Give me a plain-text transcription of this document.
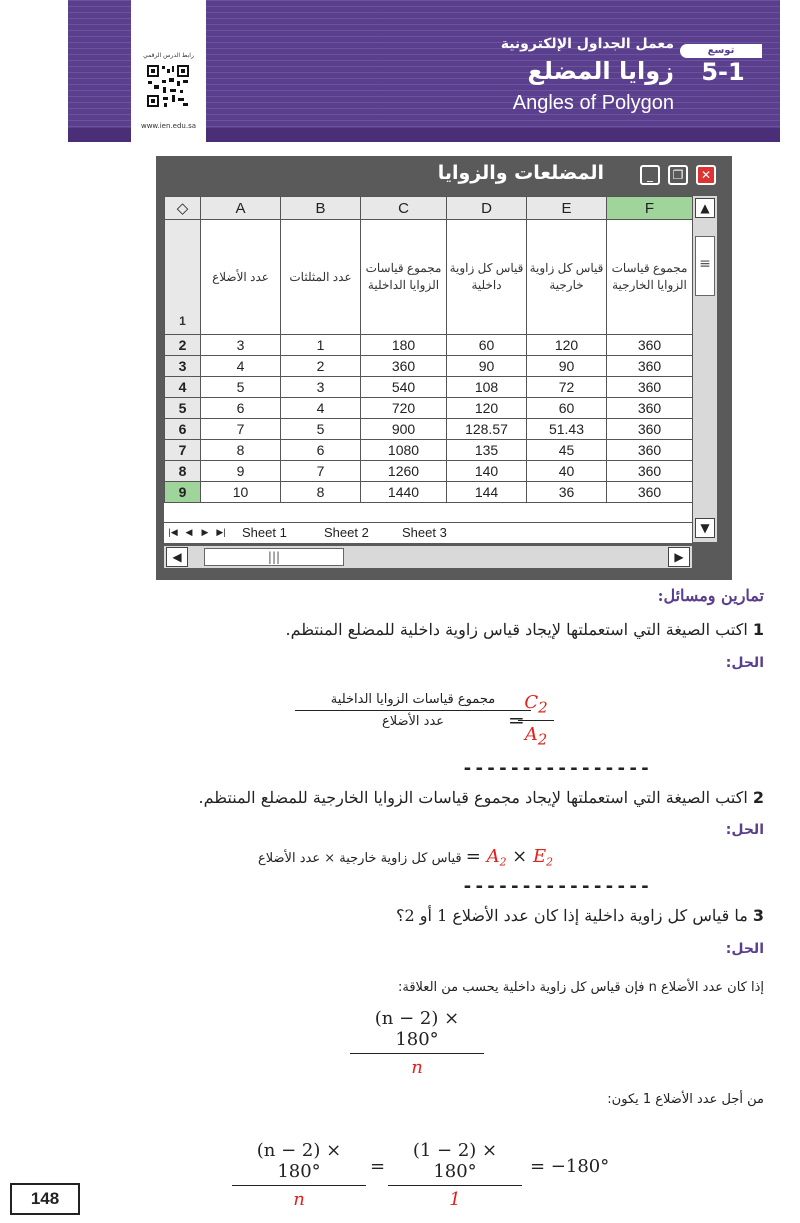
رابط الدرس الرقمي
www.ien.edu.sa
توسع
5-1
معمل الجداول الإلكترونية
زوايا المضلع
Angles of Polygon
المضلعات والزوايا	✕
❐
_
◇	A	B	C	D	E	F
1	عدد الأضلاع	عدد المثلثات	مجموع قياسات الزوايا الداخلية	قياس كل زاوية داخلية	قياس كل زاوية خارجية	مجموع قياسات الزوايا الخارجية
2	3	1	180	60	120	360
3	4	2	360	90	90	360
4	5	3	540	108	72	360
5	6	4	720	120	60	360
6	7	5	900	128.57	51.43	360
7	8	6	1080	135	45	360
8	9	7	1260	140	40	360
9	10	8	1440	144	36	360
▲
≡
▼
|◀ ◀	▶ ▶|	Sheet 1	Sheet 2	Sheet 3
◀	|||	▶
تمارين ومسائل:
1 اكتب الصيغة التي استعملتها لإيجاد قياس زاوية داخلية للمضلع المنتظم.
الحل:
مجموع قياسات الزوايا الداخلية
عدد الأضلاع	=
$\frac{C_2}{A_2}$
----------------
2 اكتب الصيغة التي استعملتها لإيجاد مجموع قياسات الزوايا الخارجية للمضلع المنتظم.
الحل:
قياس كل زاوية خارجية × عدد الأضلاع = $A_2 \times E_2$
----------------
3 ما قياس كل زاوية داخلية إذا كان عدد الأضلاع 1 أو 2؟
الحل:
إذا كان عدد الأضلاع n فإن قياس كل زاوية داخلية يحسب من العلاقة:
$\frac{(n - 2) \times 180^\circ}{n}$
من أجل عدد الأضلاع 1 يكون:
$\frac{(n - 2) \times 180^\circ}{n} = \frac{(1 - 2) \times 180^\circ}{1} = -180^\circ$
148
